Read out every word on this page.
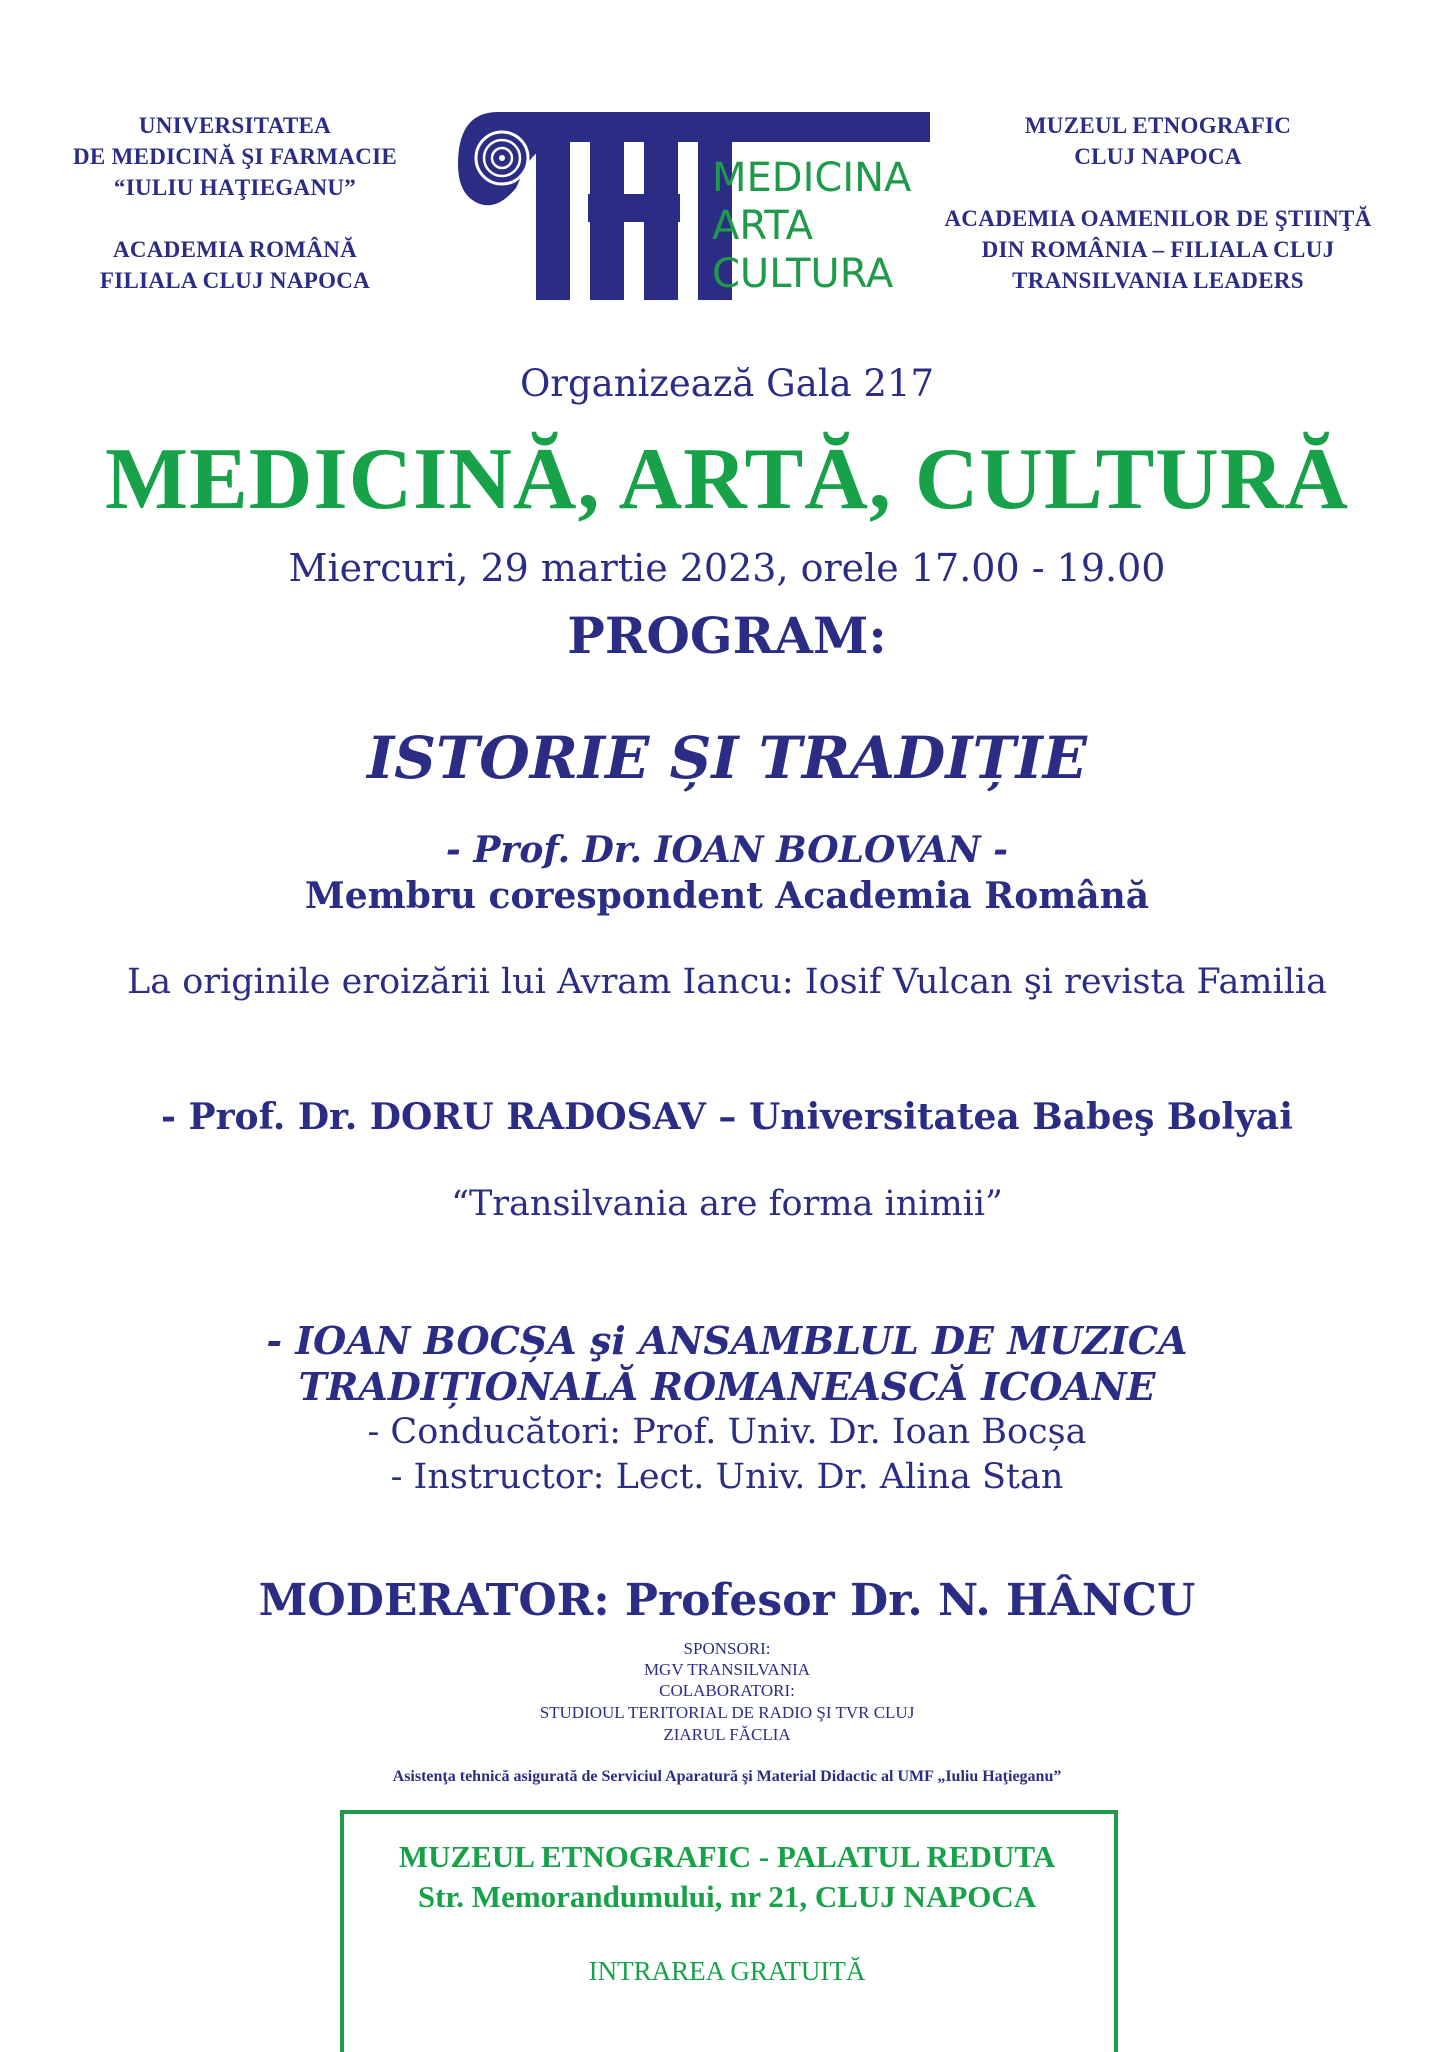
UNIVERSITATEA
DE MEDICINĂ ŞI FARMACIE
“IULIU HAŢIEGANU”
ACADEMIA ROMÂNĂ
FILIALA CLUJ NAPOCA
MEDICINA
ARTA
CULTURA
MUZEUL ETNOGRAFIC
CLUJ NAPOCA
ACADEMIA OAMENILOR DE ŞTIINŢĂ
DIN ROMÂNIA – FILIALA CLUJ
TRANSILVANIA LEADERS
Organizează Gala 217
MEDICINĂ, ARTĂ, CULTURĂ
Miercuri, 29 martie 2023, orele 17.00 - 19.00
PROGRAM:
ISTORIE ȘI TRADIȚIE
- Prof. Dr. IOAN BOLOVAN -
Membru corespondent Academia Română
La originile eroizării lui Avram Iancu: Iosif Vulcan şi revista Familia
- Prof. Dr. DORU RADOSAV – Universitatea Babeş Bolyai
“Transilvania are forma inimii”
- IOAN BOCȘA şi ANSAMBLUL DE MUZICA
TRADIȚIONALĂ ROMANEASCĂ ICOANE
- Conducători: Prof. Univ. Dr. Ioan Bocșa
- Instructor: Lect. Univ. Dr. Alina Stan
MODERATOR: Profesor Dr. N. HÂNCU
SPONSORI:
MGV TRANSILVANIA
COLABORATORI:
STUDIOUL TERITORIAL DE RADIO ŞI TVR CLUJ
ZIARUL FĂCLIA
Asistenţa tehnică asigurată de Serviciul Aparatură şi Material Didactic al UMF „Iuliu Haţieganu”
MUZEUL ETNOGRAFIC - PALATUL REDUTA
Str. Memorandumului, nr 21, CLUJ NAPOCA
INTRAREA GRATUITĂ
